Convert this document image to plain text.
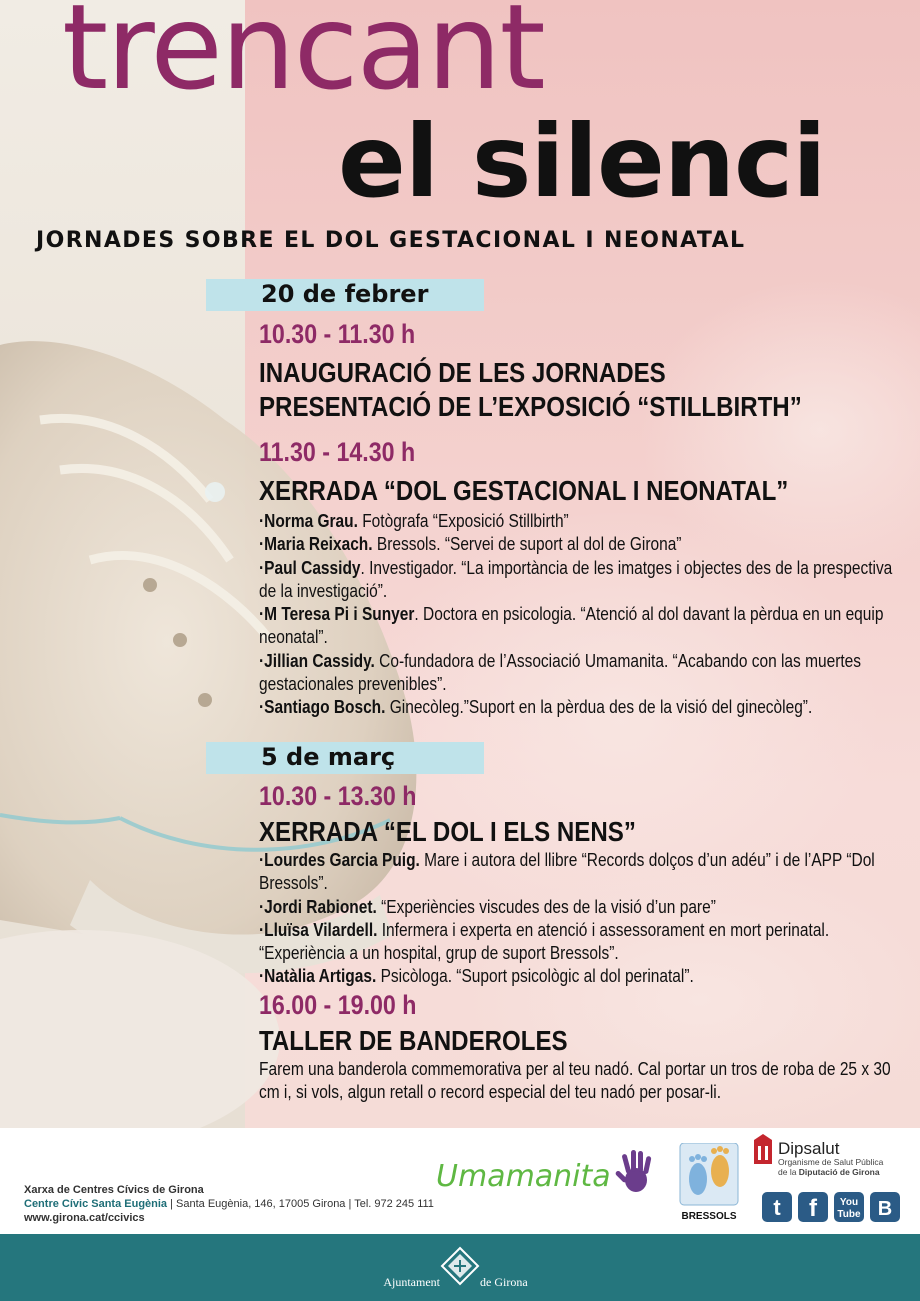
trencant
el silenci
JORNADES SOBRE EL DOL GESTACIONAL I NEONATAL
20 de febrer
10.30 - 11.30 h
INAUGURACIÓ DE LES JORNADES
PRESENTACIÓ DE L’EXPOSICIÓ “STILLBIRTH”
11.30 - 14.30 h
XERRADA “DOL GESTACIONAL I NEONATAL”

·Norma Grau. Fotògrafa “Exposició Stillbirth”

·Maria Reixach. Bressols. “Servei de suport al dol de Girona”

·Paul Cassidy. Investigador. “La importància de les imatges i objectes des de la prespectiva de la investigació”.

·M Teresa Pi i Sunyer. Doctora en psicologia. “Atenció al dol davant la pèrdua en un equip neonatal”.

·Jillian Cassidy. Co-fundadora de l’Associació Umamanita. “Acabando con las muertes gestacionales prevenibles”.

·Santiago Bosch. Ginecòleg.”Suport en la pèrdua des de la visió del ginecòleg”.

5 de març
10.30 - 13.30 h
XERRADA “EL DOL I ELS NENS”

·Lourdes Garcia Puig. Mare i autora del llibre “Records dolços d’un adéu” i de l’APP “Dol Bressols”.

·Jordi Rabionet. “Experiències viscudes des de la visió d’un pare”

·Lluïsa Vilardell. Infermera i experta en atenció i assessorament en mort perinatal. “Experiència a un hospital, grup de suport Bressols”.

·Natàlia Artigas. Psicòloga. “Suport psicològic al dol perinatal”.

16.00 - 19.00 h
TALLER DE BANDEROLES

Farem una banderola commemorativa per al teu nadó. Cal portar un tros de roba de 25 x 30 cm i, si vols, algun retall o record especial del teu nadó per posar-li.

Xarxa de Centres Cívics de Girona
Centre Cívic Santa Eugènia | Santa Eugènia, 146, 17005 Girona | Tel. 972 245 111
www.girona.cat/ccivics
Umamanita
BRESSOLS
Dipsalut
Organisme de Salut Pública
de la Diputació de Girona
t f You
Tube B
Ajuntament	de Girona
